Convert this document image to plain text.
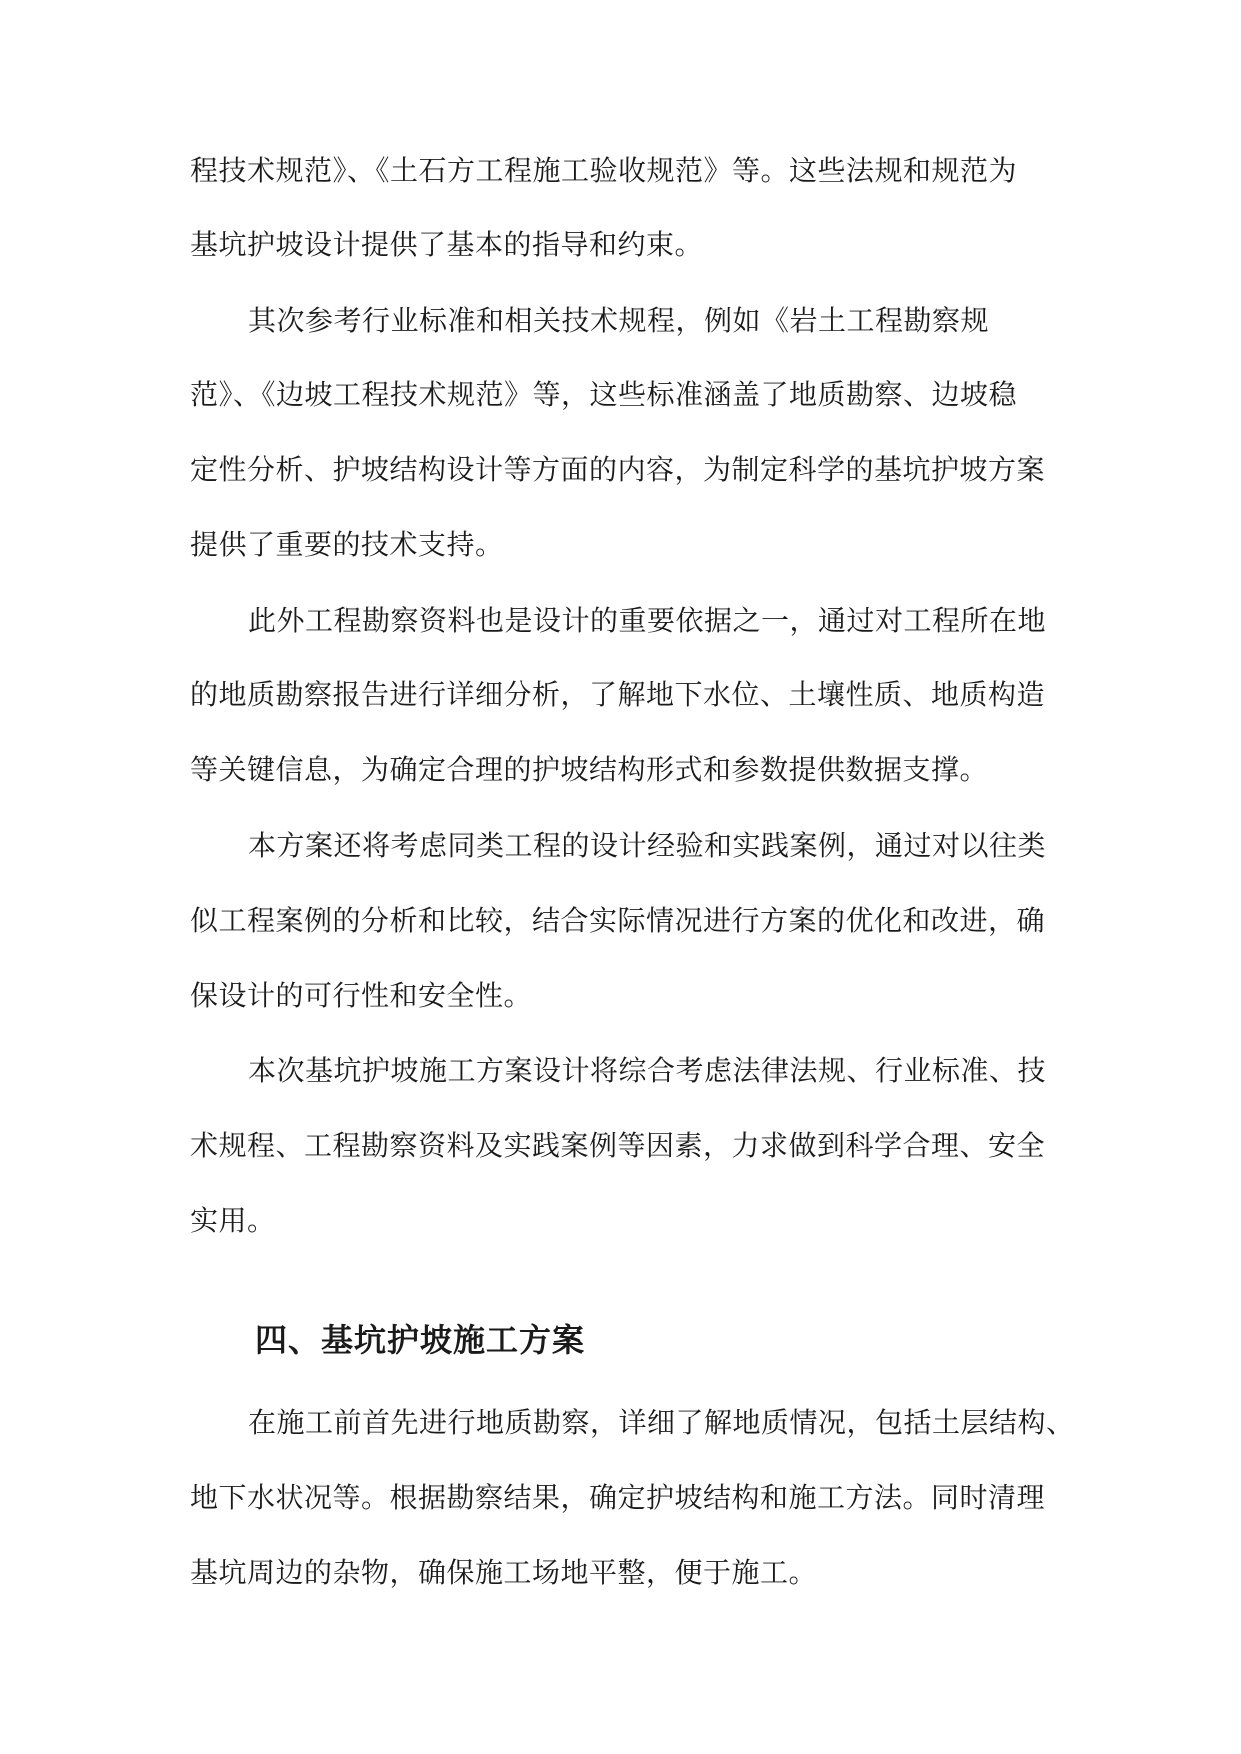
程技术规范》、《土石方工程施工验收规范》等。这些法规和规范为
基坑护坡设计提供了基本的指导和约束。
其次参考行业标准和相关技术规程，例如《岩土工程勘察规
范》、《边坡工程技术规范》等，这些标准涵盖了地质勘察、边坡稳
定性分析、护坡结构设计等方面的内容，为制定科学的基坑护坡方案
提供了重要的技术支持。
此外工程勘察资料也是设计的重要依据之一，通过对工程所在地
的地质勘察报告进行详细分析，了解地下水位、土壤性质、地质构造
等关键信息，为确定合理的护坡结构形式和参数提供数据支撑。
本方案还将考虑同类工程的设计经验和实践案例，通过对以往类
似工程案例的分析和比较，结合实际情况进行方案的优化和改进，确
保设计的可行性和安全性。
本次基坑护坡施工方案设计将综合考虑法律法规、行业标准、技
术规程、工程勘察资料及实践案例等因素，力求做到科学合理、安全
实用。
四、基坑护坡施工方案
在施工前首先进行地质勘察，详细了解地质情况，包括土层结构、
地下水状况等。根据勘察结果，确定护坡结构和施工方法。同时清理
基坑周边的杂物，确保施工场地平整，便于施工。
